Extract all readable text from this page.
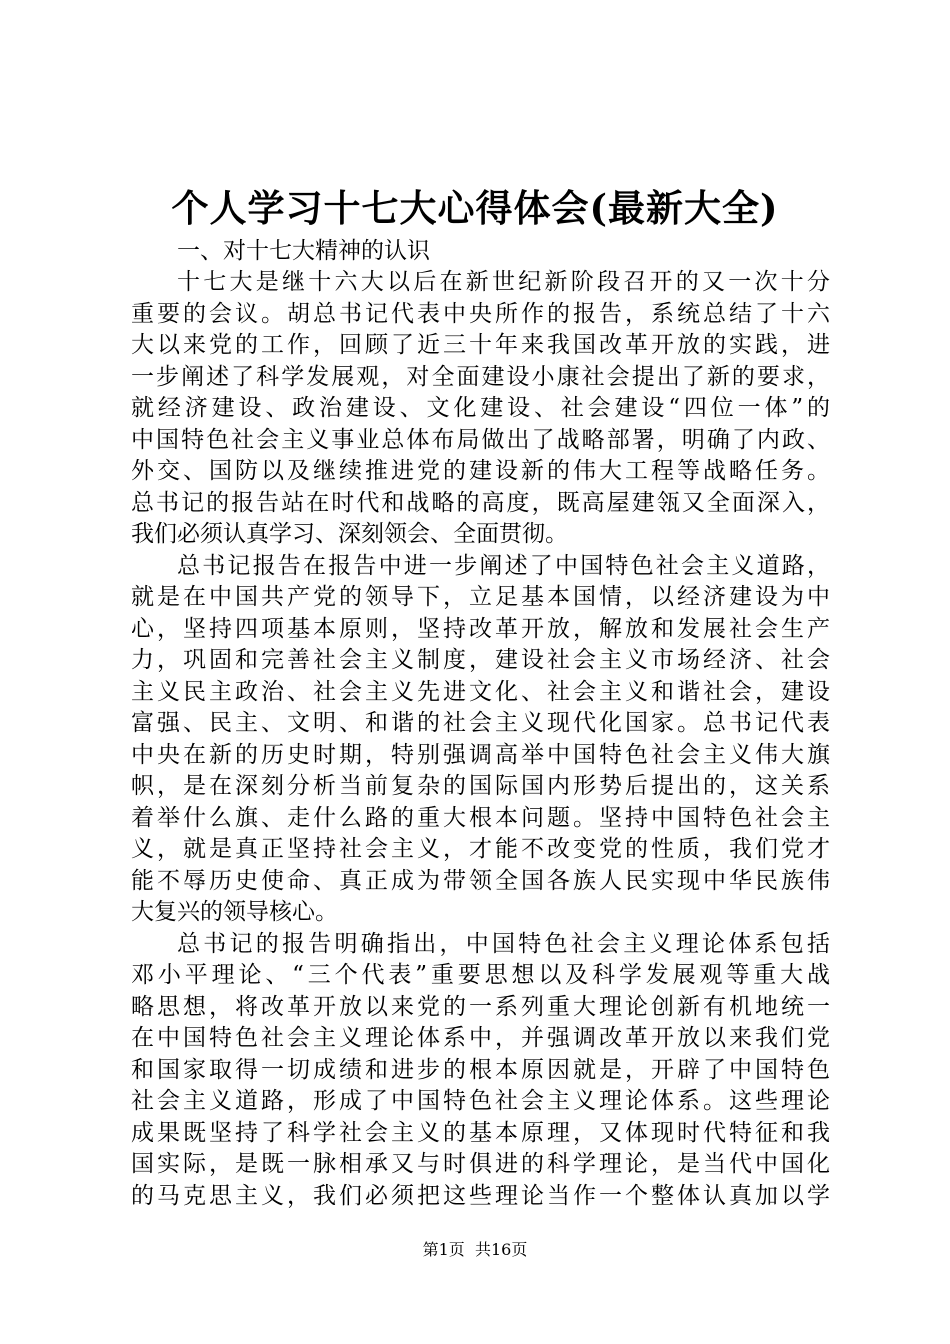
个人学习十七大心得体会(最新大全)

一、对十七大精神的认识

十七大是继十六大以后在新世纪新阶段召开的又一次十分
重要的会议。胡总书记代表中央所作的报告，系统总结了十六
大以来党的工作，回顾了近三十年来我国改革开放的实践，进
一步阐述了科学发展观，对全面建设小康社会提出了新的要求，
就经济建设、政治建设、文化建设、社会建设“四位一体”的
中国特色社会主义事业总体布局做出了战略部署，明确了内政、
外交、国防以及继续推进党的建设新的伟大工程等战略任务。
总书记的报告站在时代和战略的高度，既高屋建瓴又全面深入，
我们必须认真学习、深刻领会、全面贯彻。

总书记报告在报告中进一步阐述了中国特色社会主义道路，
就是在中国共产党的领导下，立足基本国情，以经济建设为中
心，坚持四项基本原则，坚持改革开放，解放和发展社会生产
力，巩固和完善社会主义制度，建设社会主义市场经济、社会
主义民主政治、社会主义先进文化、社会主义和谐社会，建设
富强、民主、文明、和谐的社会主义现代化国家。总书记代表
中央在新的历史时期，特别强调高举中国特色社会主义伟大旗
帜，是在深刻分析当前复杂的国际国内形势后提出的，这关系
着举什么旗、走什么路的重大根本问题。坚持中国特色社会主
义，就是真正坚持社会主义，才能不改变党的性质，我们党才
能不辱历史使命、真正成为带领全国各族人民实现中华民族伟
大复兴的领导核心。

总书记的报告明确指出，中国特色社会主义理论体系包括
邓小平理论、“三个代表”重要思想以及科学发展观等重大战
略思想，将改革开放以来党的一系列重大理论创新有机地统一
在中国特色社会主义理论体系中，并强调改革开放以来我们党
和国家取得一切成绩和进步的根本原因就是，开辟了中国特色
社会主义道路，形成了中国特色社会主义理论体系。这些理论
成果既坚持了科学社会主义的基本原理，又体现时代特征和我
国实际，是既一脉相承又与时俱进的科学理论，是当代中国化
的马克思主义，我们必须把这些理论当作一个整体认真加以学

第1页 共16页
